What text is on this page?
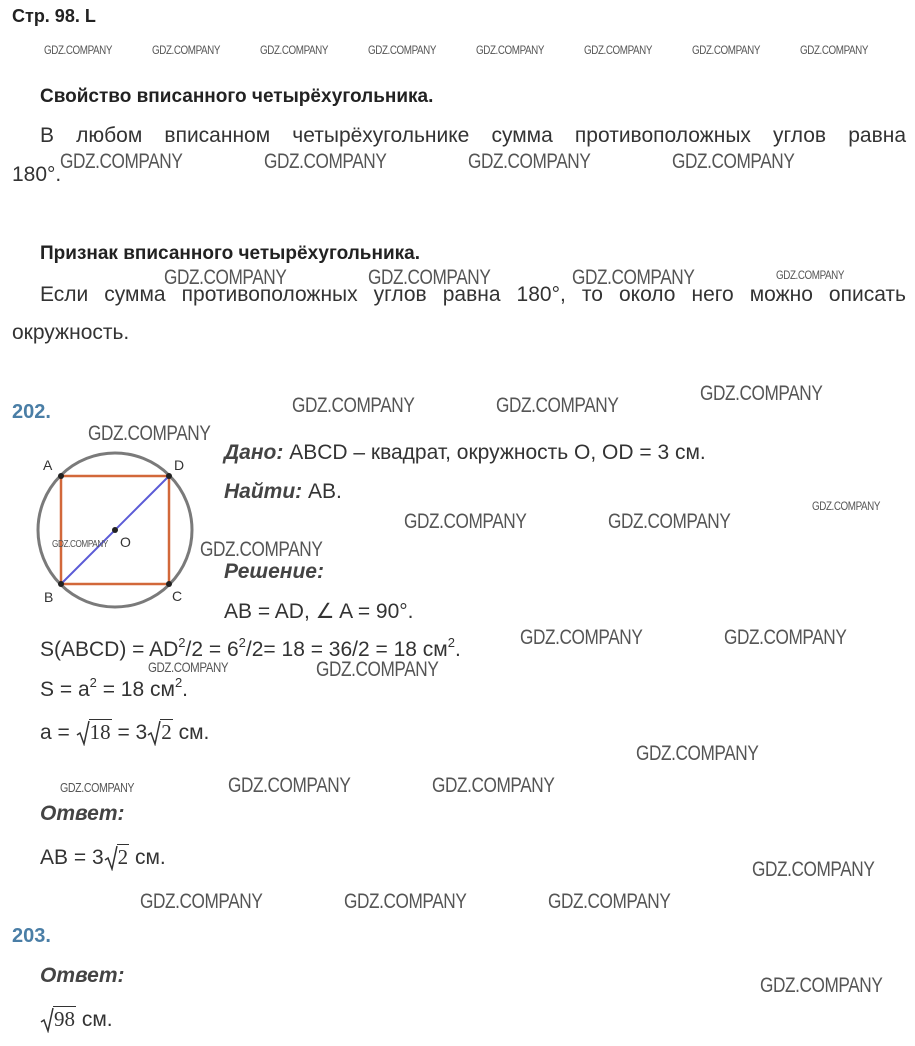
Стр. 98. L
Свойство вписанного четырёхугольника.
В любом вписанном четырёхугольнике сумма противоположных углов равна
180°.
Признак вписанного четырёхугольника.
Если сумма противоположных углов равна 180°, то около него можно описать
окружность.
202.
A	D
B	C
O
Дано: ABCD – квадрат, окружность O, OD = 3 см.
Найти: AB.
Решение:
AB = AD, ∠ A = 90°.
S(ABCD) = $AD^2/2 = 6^2/2= 18 = 36/2 = 18$ $см^2$.
$S = a^2 = 18$ $см^2$.
a =
18 = 3 2 см.
Ответ:
AB = 3 2 см.
203.
Ответ:
98 см.
GDZ.COMPANY	GDZ.COMPANY	GDZ.COMPANY	GDZ.COMPANY	GDZ.COMPANY	GDZ.COMPANY	GDZ.COMPANY	GDZ.COMPANY
GDZ.COMPANY	GDZ.COMPANY	GDZ.COMPANY	GDZ.COMPANY
GDZ.COMPANY	GDZ.COMPANY	GDZ.COMPANY	GDZ.COMPANY
GDZ.COMPANY	GDZ.COMPANY
GDZ.COMPANY
GDZ.COMPANY
GDZ.COMPANY	GDZ.COMPANY
GDZ.COMPANY
GDZ.COMPANY	GDZ.COMPANY
GDZ.COMPANY	GDZ.COMPANY
GDZ.COMPANY	GDZ.COMPANY
GDZ.COMPANY
GDZ.COMPANY	GDZ.COMPANY	GDZ.COMPANY
GDZ.COMPANY
GDZ.COMPANY	GDZ.COMPANY	GDZ.COMPANY
GDZ.COMPANY
